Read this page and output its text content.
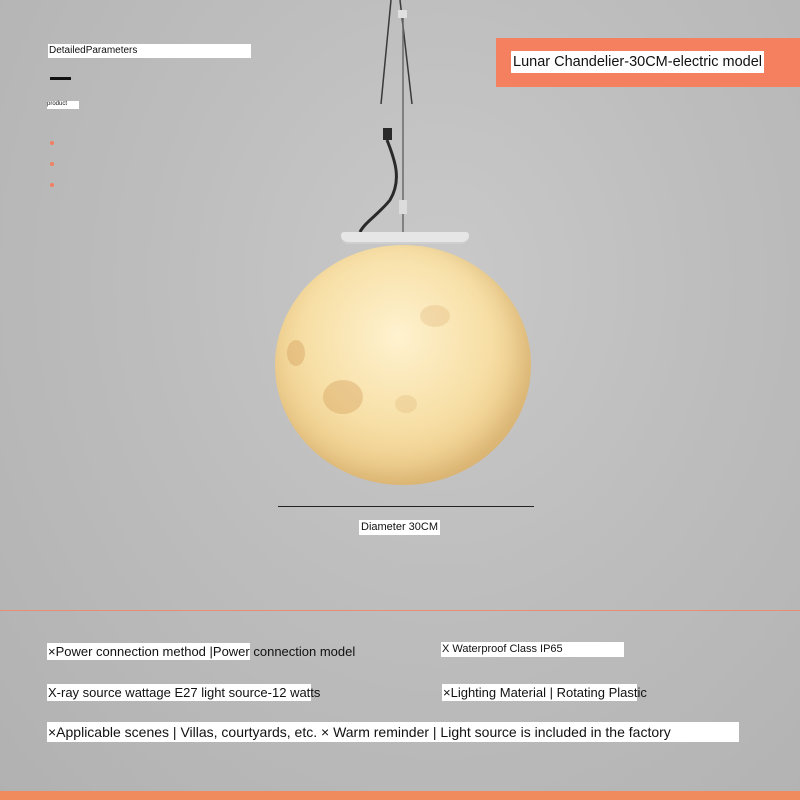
DetailedParameters
product
Lunar Chandelier-30CM-electric model
Diameter 30CM
×Power connection method |Power connection model	X Waterproof Class IP65
X-ray source wattage E27 light source-12 watts	×Lighting Material | Rotating Plastic
×Applicable scenes | Villas, courtyards, etc. × Warm reminder | Light source is included in the factory
